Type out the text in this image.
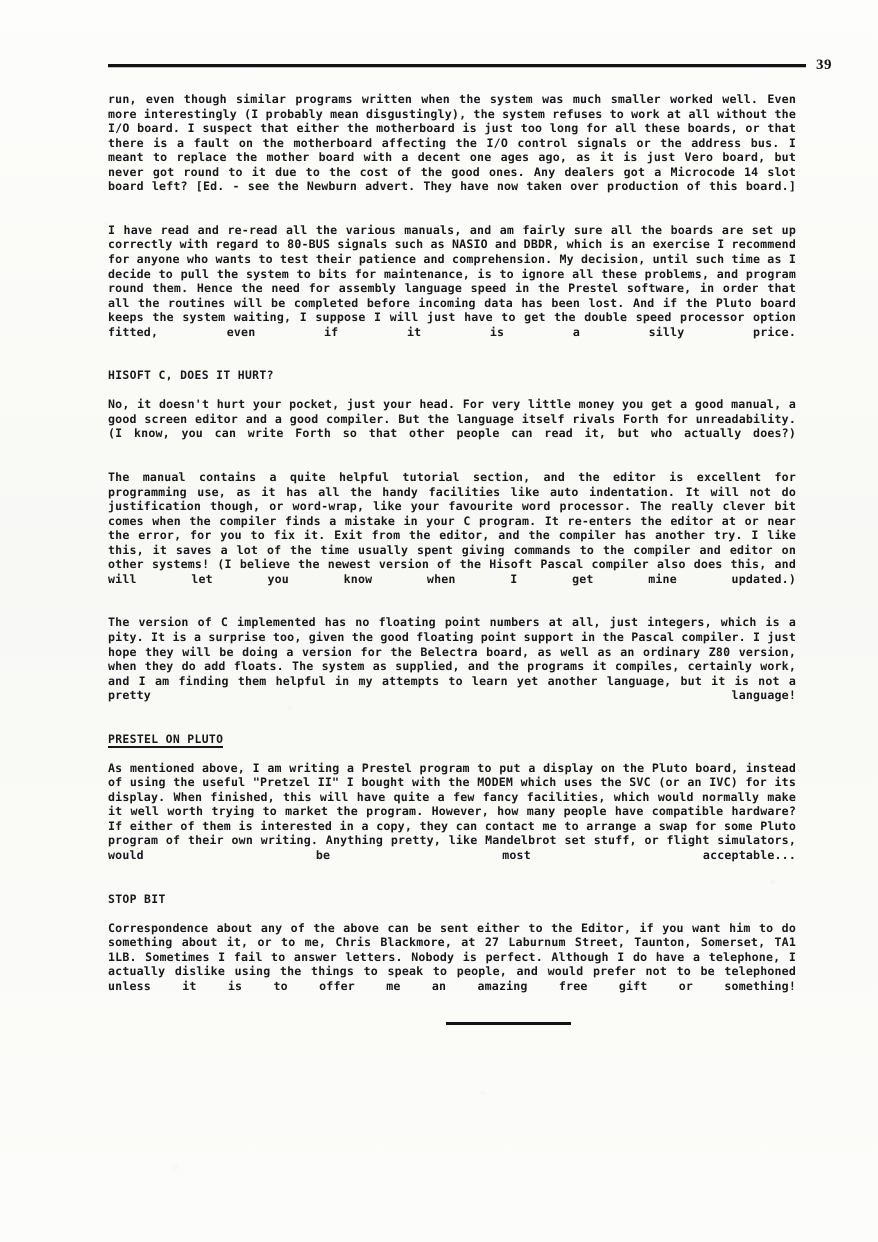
39

run, even though similar programs written when the system was much smaller worked well. Even more interestingly (I probably mean disgustingly), the system refuses to work at all without the I/O board. I suspect that either the motherboard is just too long for all these boards, or that there is a fault on the motherboard affecting the I/O control signals or the address bus. I meant to replace the mother board with a decent one ages ago, as it is just Vero board, but never got round to it due to the cost of the good ones. Any dealers got a Microcode 14 slot board left? [Ed. - see the Newburn advert. They have now taken over production of this board.]

I have read and re-read all the various manuals, and am fairly sure all the boards are set up correctly with regard to 80-BUS signals such as NASIO and DBDR, which is an exercise I recommend for anyone who wants to test their patience and comprehension. My decision, until such time as I decide to pull the system to bits for maintenance, is to ignore all these problems, and program round them. Hence the need for assembly language speed in the Prestel software, in order that all the routines will be completed before incoming data has been lost. And if the Pluto board keeps the system waiting, I suppose I will just have to get the double speed processor option fitted, even if it is a silly price.

HISOFT C, DOES IT HURT?

No, it doesn't hurt your pocket, just your head. For very little money you get a good manual, a good screen editor and a good compiler. But the language itself rivals Forth for unreadability. (I know, you can write Forth so that other people can read it, but who actually does?)

The manual contains a quite helpful tutorial section, and the editor is excellent for programming use, as it has all the handy facilities like auto indentation. It will not do justification though, or word-wrap, like your favourite word processor. The really clever bit comes when the compiler finds a mistake in your C program. It re-enters the editor at or near the error, for you to fix it. Exit from the editor, and the compiler has another try. I like this, it saves a lot of the time usually spent giving commands to the compiler and editor on other systems! (I believe the newest version of the Hisoft Pascal compiler also does this, and will let you know when I get mine updated.)

The version of C implemented has no floating point numbers at all, just integers, which is a pity. It is a surprise too, given the good floating point support in the Pascal compiler. I just hope they will be doing a version for the Belectra board, as well as an ordinary Z80 version, when they do add floats. The system as supplied, and the programs it compiles, certainly work, and I am finding them helpful in my attempts to learn yet another language, but it is not a pretty language!

PRESTEL ON PLUTO

As mentioned above, I am writing a Prestel program to put a display on the Pluto board, instead of using the useful "Pretzel II" I bought with the MODEM which uses the SVC (or an IVC) for its display. When finished, this will have quite a few fancy facilities, which would normally make it well worth trying to market the program. However, how many people have compatible hardware? If either of them is interested in a copy, they can contact me to arrange a swap for some Pluto program of their own writing. Anything pretty, like Mandelbrot set stuff, or flight simulators, would be most acceptable...

STOP BIT

Correspondence about any of the above can be sent either to the Editor, if you want him to do something about it, or to me, Chris Blackmore, at 27 Laburnum Street, Taunton, Somerset, TA1 1LB. Sometimes I fail to answer letters. Nobody is perfect. Although I do have a telephone, I actually dislike using the things to speak to people, and would prefer not to be telephoned unless it is to offer me an amazing free gift or something!
